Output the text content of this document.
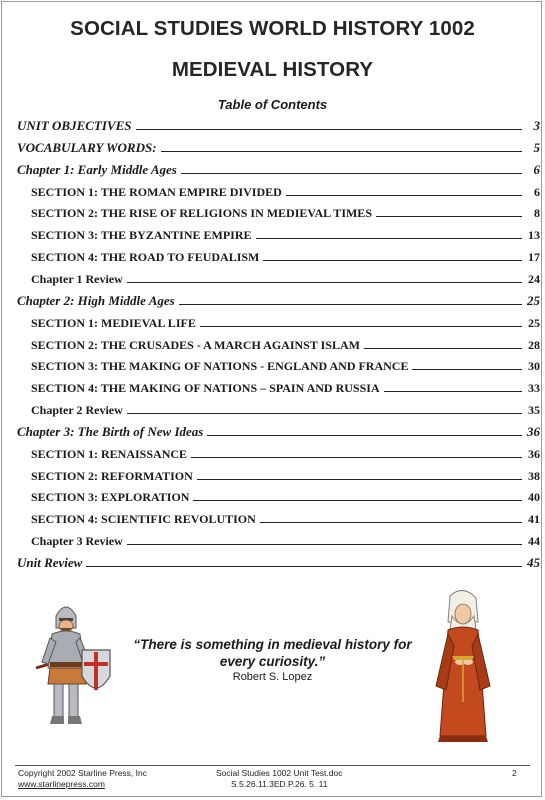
SOCIAL STUDIES WORLD HISTORY 1002
MEDIEVAL HISTORY
Table of Contents
UNIT OBJECTIVES	3
VOCABULARY WORDS:	5
Chapter 1: Early Middle Ages	6
SECTION 1: THE ROMAN EMPIRE DIVIDED	6
SECTION 2: THE RISE OF RELIGIONS IN MEDIEVAL TIMES	8
SECTION 3: THE BYZANTINE EMPIRE	13
SECTION 4: THE ROAD TO FEUDALISM	17
Chapter 1 Review	24
Chapter 2: High Middle Ages	25
SECTION 1: MEDIEVAL LIFE	25
SECTION 2: THE CRUSADES - A MARCH AGAINST ISLAM	28
SECTION 3: THE MAKING OF NATIONS - ENGLAND AND FRANCE	30
SECTION 4: THE MAKING OF NATIONS – SPAIN AND RUSSIA	33
Chapter 2 Review	35
Chapter 3: The Birth of New Ideas	36
SECTION 1: RENAISSANCE	36
SECTION 2: REFORMATION	38
SECTION 3: EXPLORATION	40
SECTION 4: SCIENTIFIC REVOLUTION	41
Chapter 3 Review	44
Unit Review	45
“There is something in medieval history for every curiosity.”
Robert S. Lopez
Copyright 2002 Starline Press, Inc
www.starlinepress.com
Social Studies 1002 Unit Test.doc
S.5.26.11.3ED.P.26. 5. 11
2
